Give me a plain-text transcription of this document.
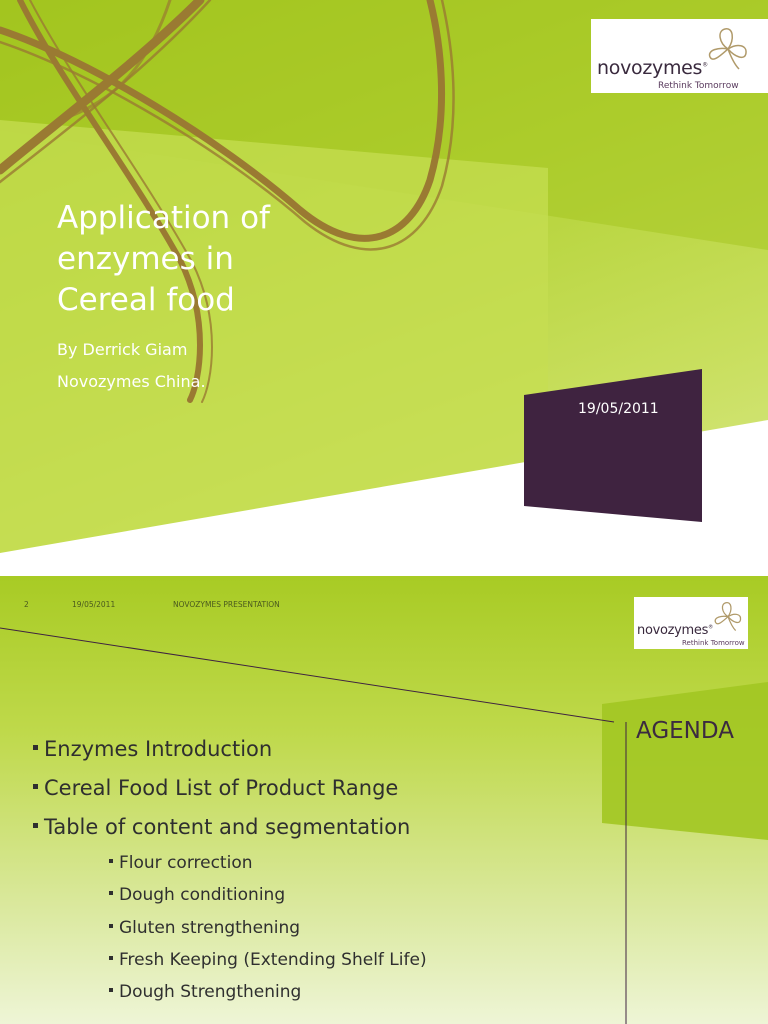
novozymes®
Rethink Tomorrow
Application of
enzymes in
Cereal food
By Derrick Giam
Novozymes China.
19/05/2011
2	19/05/2011	NOVOZYMES PRESENTATION
novozymes®
Rethink Tomorrow
AGENDA
Enzymes Introduction
Cereal Food List of Product Range
Table of content and segmentation
Flour correction
Dough conditioning
Gluten strengthening
Fresh Keeping (Extending Shelf Life)
Dough Strengthening
